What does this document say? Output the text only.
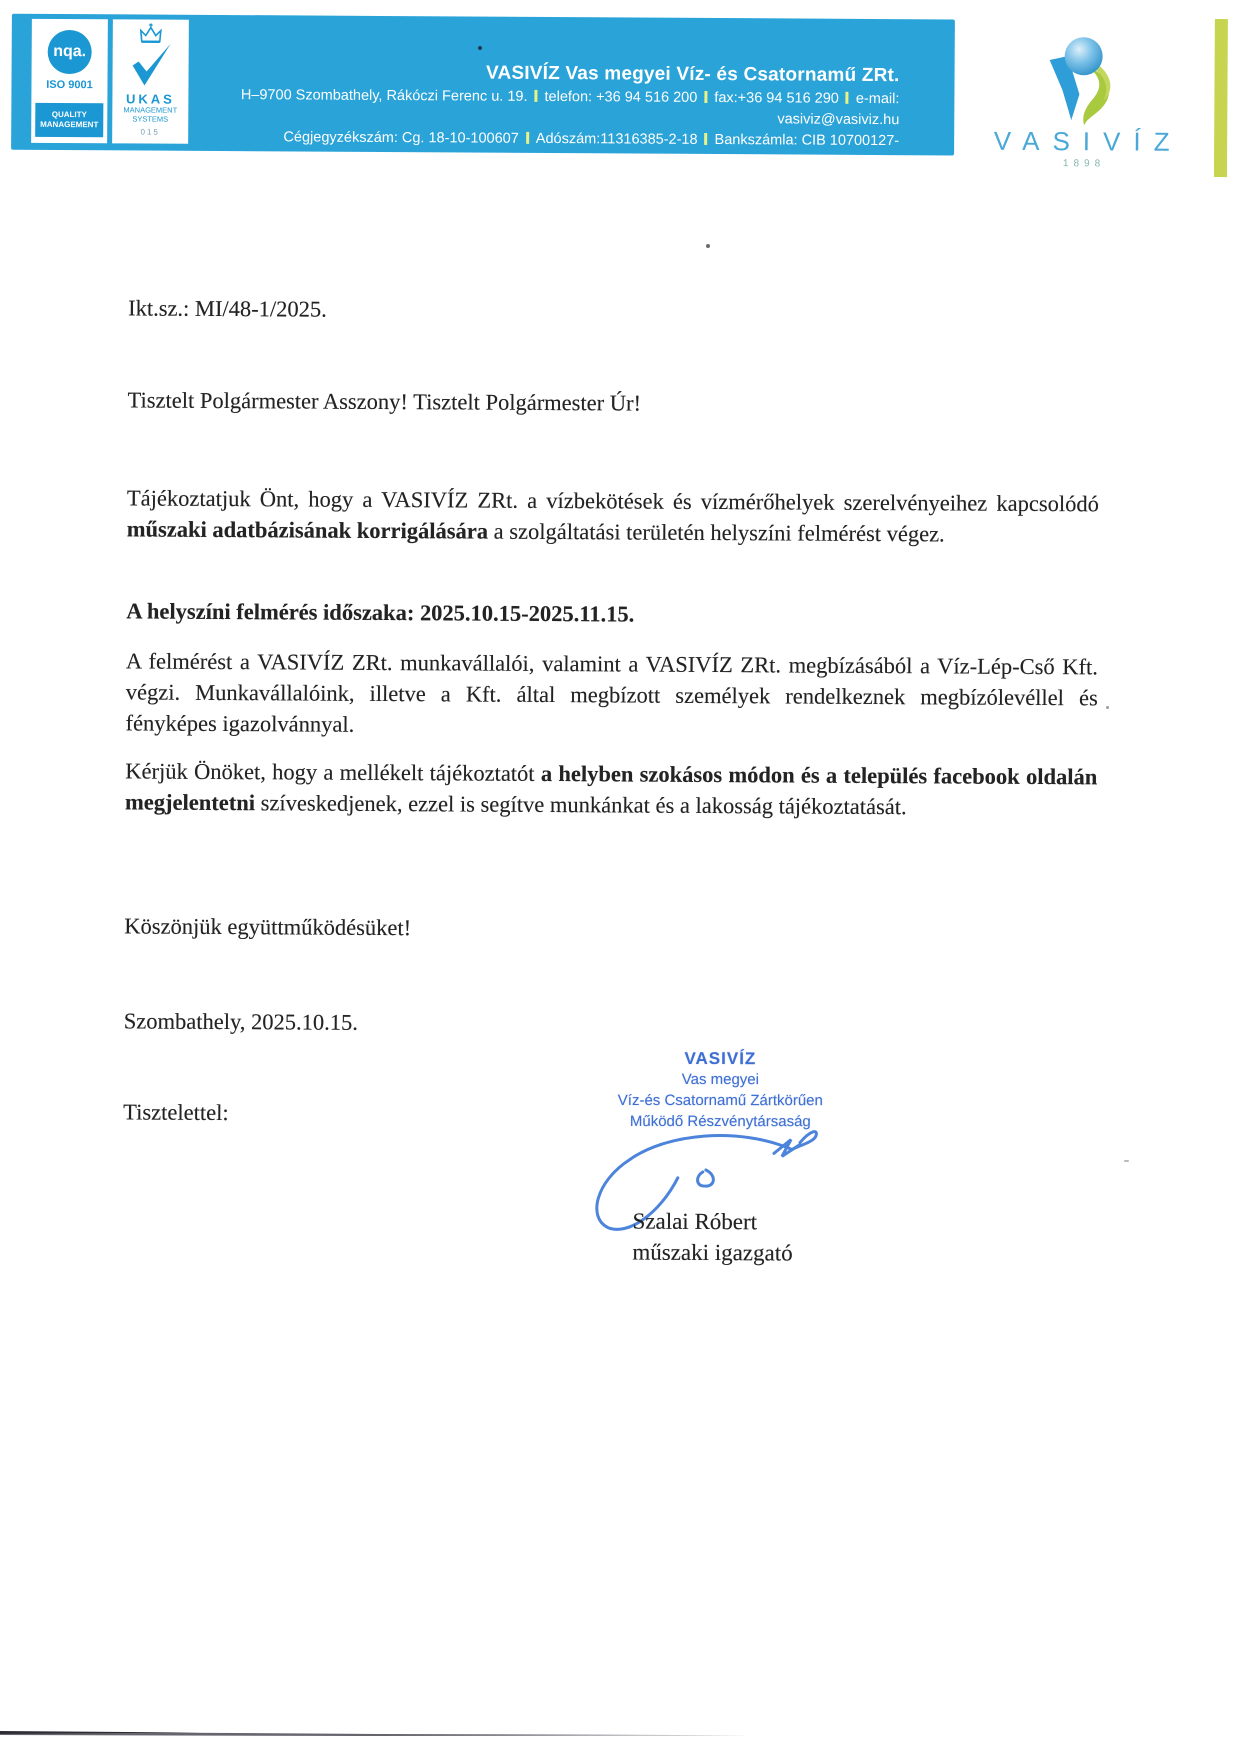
nqa.
ISO 9001
QUALITY MANAGEMENT
UKAS
MANAGEMENT SYSTEMS
015
VASIVÍZ Vas megyei Víz- és Csatornamű ZRt.
H–9700 Szombathely, Rákóczi Ferenc u. 19. telefon: +36 94 516 200 fax:+36 94 516 290 e-mail: vasiviz@vasiviz.hu
Cégjegyzékszám: Cg. 18-10-100607 Adószám:11316385-2-18 Bankszámla: CIB 10700127-04568504-51100005
VASIVÍZ
1898
Ikt.sz.: MI/48-1/2025.
Tisztelt Polgármester Asszony! Tisztelt Polgármester Úr!
Tájékoztatjuk Önt, hogy a VASIVÍZ ZRt. a vízbekötések és vízmérőhelyek szerelvényeihez kapcsolódó műszaki adatbázisának korrigálására a szolgáltatási területén helyszíni felmérést végez.
A helyszíni felmérés időszaka: 2025.10.15-2025.11.15.
A felmérést a VASIVÍZ ZRt. munkavállalói, valamint a VASIVÍZ ZRt. megbízásából a Víz-Lép-Cső Kft. végzi. Munkavállalóink, illetve a Kft. által megbízott személyek rendelkeznek megbízólevéllel és fényképes igazolvánnyal.
Kérjük Önöket, hogy a mellékelt tájékoztatót a helyben szokásos módon és a település facebook oldalán megjelentetni szíveskedjenek, ezzel is segítve munkánkat és a lakosság tájékoztatását.
Köszönjük együttműködésüket!
Szombathely, 2025.10.15.
Tisztelettel:
VASIVÍZ
Vas megyei
Víz-és Csatornamű Zártkörűen
Működő Részvénytársaság
Szalai Róbert
műszaki igazgató
